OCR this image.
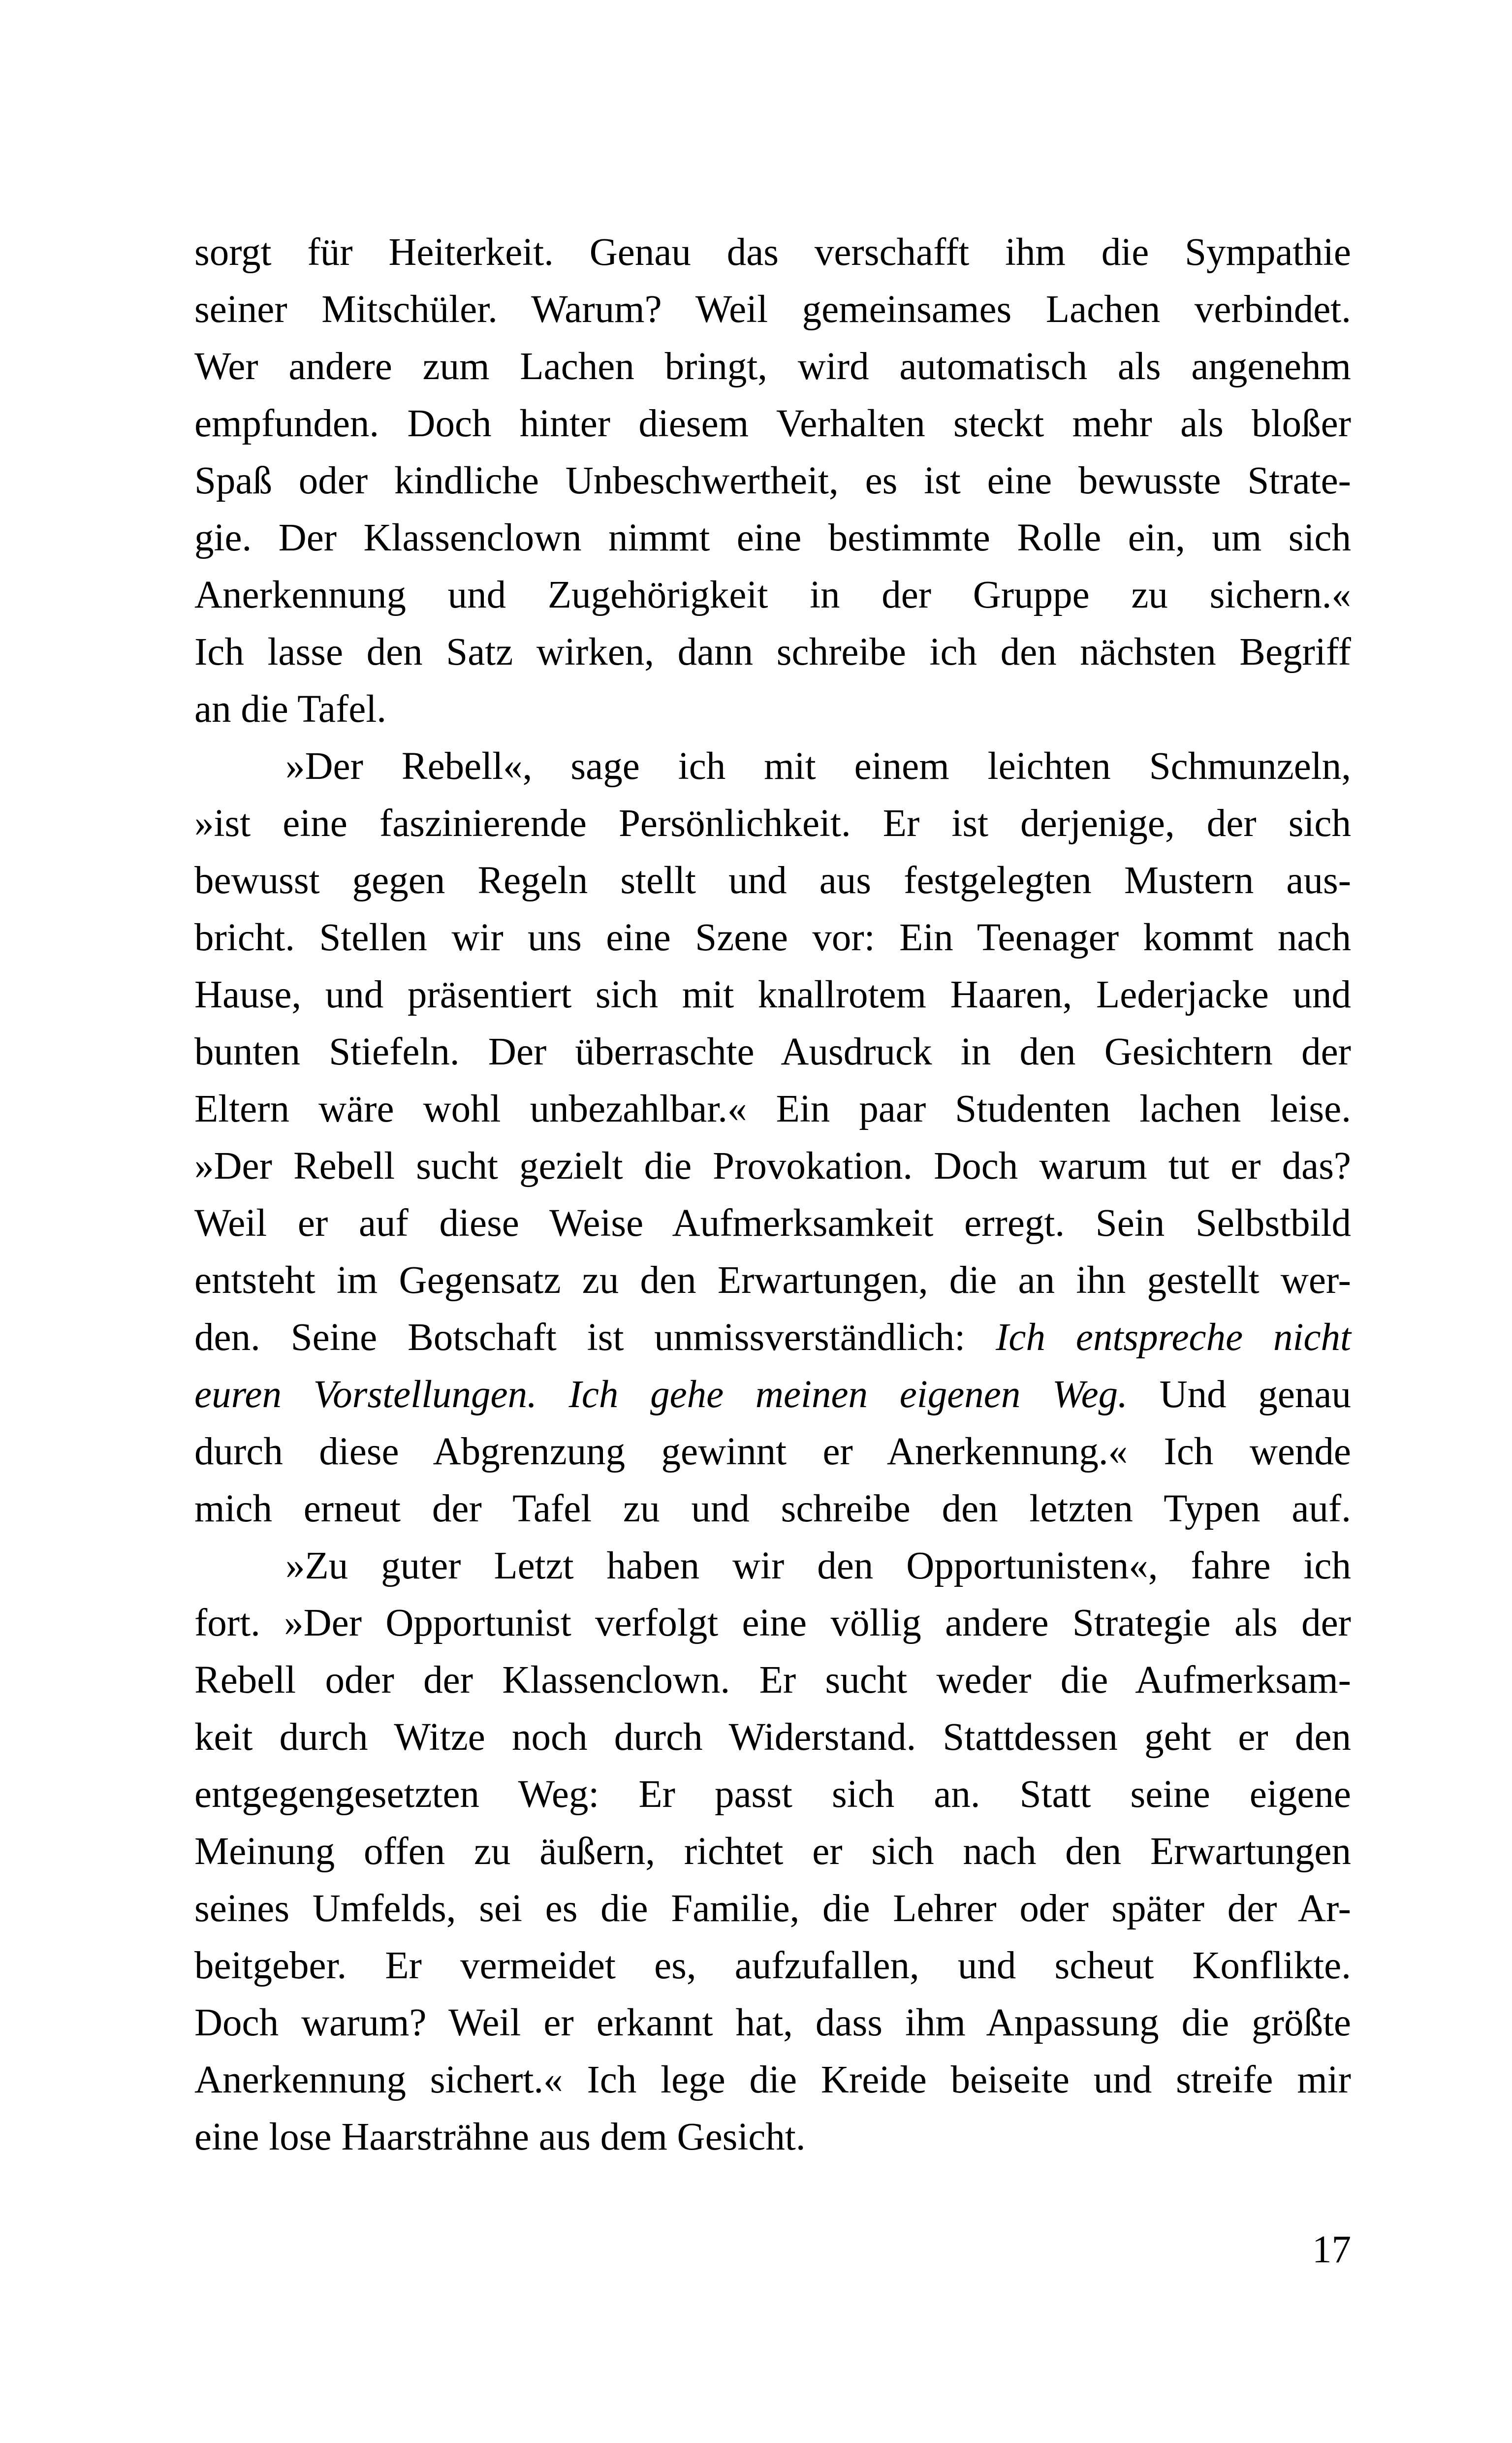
sorgt für Heiterkeit. Genau das verschafft ihm die Sympathie
seiner Mitschüler. Warum? Weil gemeinsames Lachen verbindet.
Wer andere zum Lachen bringt, wird automatisch als angenehm
empfunden. Doch hinter diesem Verhalten steckt mehr als bloßer
Spaß oder kindliche Unbeschwertheit, es ist eine bewusste Strate-
gie. Der Klassenclown nimmt eine bestimmte Rolle ein, um sich
Anerkennung und Zugehörigkeit in der Gruppe zu sichern.«
Ich lasse den Satz wirken, dann schreibe ich den nächsten Begriff
an die Tafel.
»Der Rebell«, sage ich mit einem leichten Schmunzeln,
»ist eine faszinierende Persönlichkeit. Er ist derjenige, der sich
bewusst gegen Regeln stellt und aus festgelegten Mustern aus-
bricht. Stellen wir uns eine Szene vor: Ein Teenager kommt nach
Hause, und präsentiert sich mit knallrotem Haaren, Lederjacke und
bunten Stiefeln. Der überraschte Ausdruck in den Gesichtern der
Eltern wäre wohl unbezahlbar.« Ein paar Studenten lachen leise.
»Der Rebell sucht gezielt die Provokation. Doch warum tut er das?
Weil er auf diese Weise Aufmerksamkeit erregt. Sein Selbstbild
entsteht im Gegensatz zu den Erwartungen, die an ihn gestellt wer-
den. Seine Botschaft ist unmissverständlich: Ich entspreche nicht
euren Vorstellungen. Ich gehe meinen eigenen Weg. Und genau
durch diese Abgrenzung gewinnt er Anerkennung.« Ich wende
mich erneut der Tafel zu und schreibe den letzten Typen auf.
»Zu guter Letzt haben wir den Opportunisten«, fahre ich
fort. »Der Opportunist verfolgt eine völlig andere Strategie als der
Rebell oder der Klassenclown. Er sucht weder die Aufmerksam-
keit durch Witze noch durch Widerstand. Stattdessen geht er den
entgegengesetzten Weg: Er passt sich an. Statt seine eigene
Meinung offen zu äußern, richtet er sich nach den Erwartungen
seines Umfelds, sei es die Familie, die Lehrer oder später der Ar-
beitgeber. Er vermeidet es, aufzufallen, und scheut Konflikte.
Doch warum? Weil er erkannt hat, dass ihm Anpassung die größte
Anerkennung sichert.« Ich lege die Kreide beiseite und streife mir
eine lose Haarsträhne aus dem Gesicht.
17
